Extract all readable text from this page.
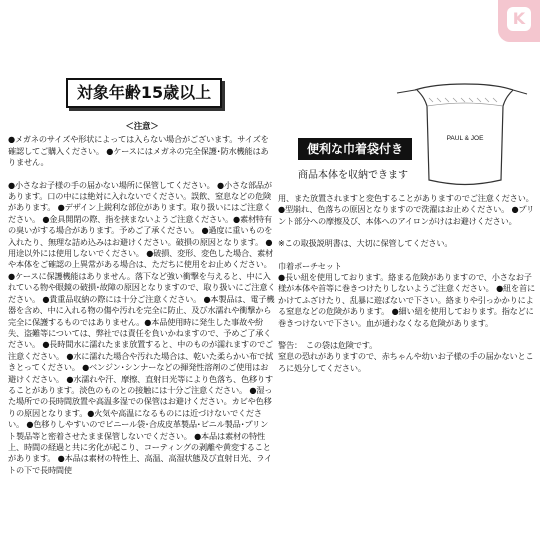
K
対象年齢15歳以上
＜注意＞

●メガネのサイズや形状によっては入らない場合がございます。サイズを確認してご購入ください。 ●ケースにはメガネの完全保護･防水機能はありません。

●小さなお子様の手の届かない場所に保管してください。 ●小さな部品があります。口の中には絶対に入れないでください。誤飲、窒息などの危険があります。 ●デザイン上鋭利な部位があります。取り扱いにはご注意ください。 ●金具開閉の際、指を挟まないようご注意ください。●素材特有の臭いがする場合があります。予めご了承ください。 ●過度に重いものを入れたり、無理な詰め込みはお避けください。破損の原因となります。 ●用途以外には使用しないでください。 ●破損、変形、変色した場合、素材や本体をご確認の上異常がある場合は、ただちに使用をお止めください。 ●ケースに保護機能はありません。落下など強い衝撃を与えると、中に入れている物や眼鏡の破損･故障の原因となりますので、取り扱いにご注意ください。 ●貴重品収納の際には十分ご注意ください。 ●本製品は、電子機器を含め、中に入れる物の傷や汚れを完全に防止、及び水濡れや衝撃から完全に保護するものではありません。●本品使用時に発生した事故や紛失、盗難等については、弊社では責任を負いかねますので、予めご了承ください。 ●長時間水に濡れたまま放置すると、中のものが濡れますのでご注意ください。 ●水に濡れた場合や汚れた場合は、乾いた柔らかい布で拭きとってください。 ●ベンジン･シンナーなどの揮発性溶剤のご使用はお避けください。 ●水濡れや汗、摩擦、直射日光等により色落ち、色移りすることがあります。淡色のものとの接触には十分ご注意ください。 ●湿った場所での長時間放置や高温多湿での保管はお避けください。カビや色移りの原因となります。●火気や高温になるものには近づけないでください。 ●色移りしやすいのでビニール袋･合成皮革製品･ビニル製品･プリント製品等と密着させたまま保管しないでください。 ●本品は素材の特性上、時間の経過と共に劣化が起こり、コーティングの剥離や黄変することがあります。 ●本品は素材の特性上、高温、高湿状態及び直射日光、ライトの下で長時間使

PAUL & JOE
便利な巾着袋付き
商品本体を収納できます

用、また放置されますと変色することがありますのでご注意ください。 ●型崩れ、色落ちの原因となりますので洗濯はお止めください。 ●プリント部分への摩擦及び、本体へのアイロンがけはお避けください。

※この取扱説明書は、大切に保管してください。

巾着ポーチセット
●長い紐を使用しております。絡まる危険がありますので、小さなお子様が本体や首等に巻きつけたりしないようご注意ください。 ●紐を首にかけてふざけたり、乱暴に遊ばないで下さい。絡まりや引っかかりによる窒息などの危険があります。 ●細い紐を使用しております。指などに巻きつけないで下さい。血が通わなくなる危険があります。

警告：　この袋は危険です。
窒息の恐れがありますので、赤ちゃんや幼いお子様の手の届かないところに処分してください。
